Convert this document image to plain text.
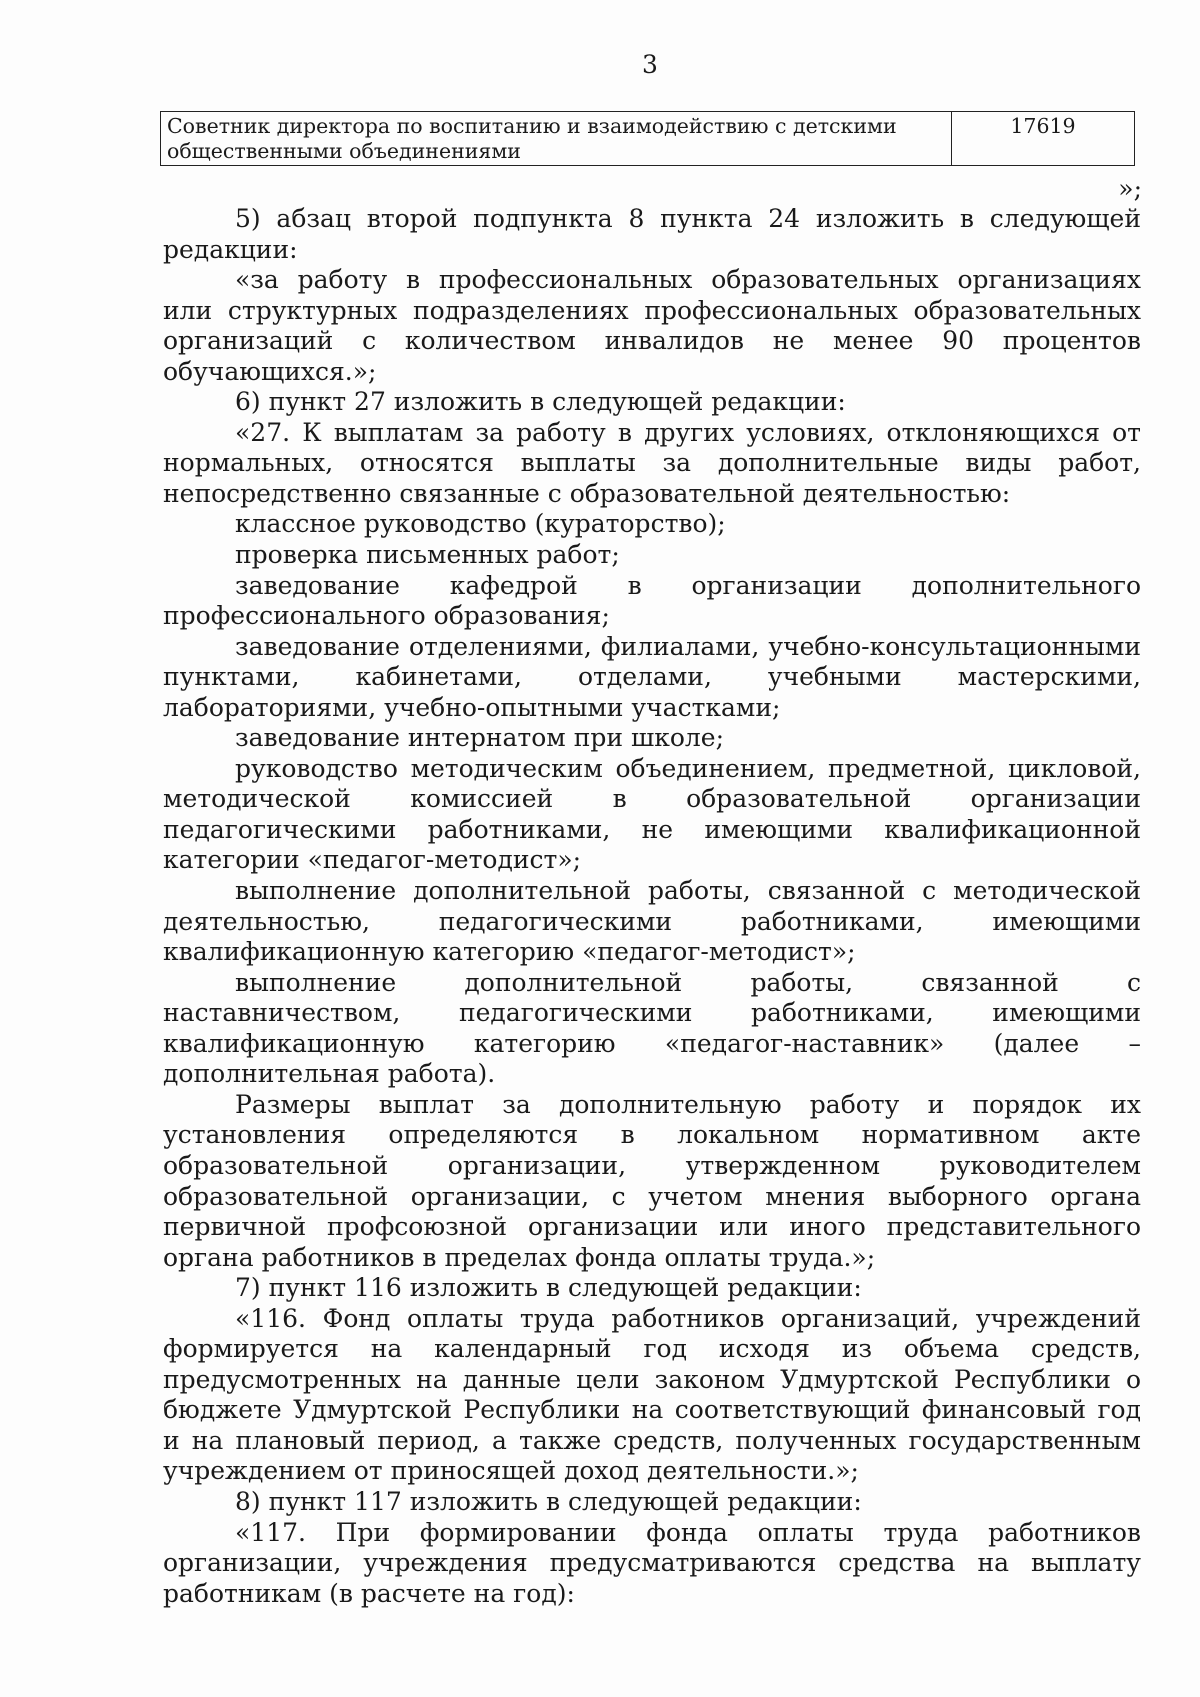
3
Советник директора по воспитанию и взаимодействию с детскими общественными объединениями	17619
»;

5) абзац второй подпункта 8 пункта 24 изложить в следующей редакции:

«за работу в профессиональных образовательных организациях или структурных подразделениях профессиональных образовательных организаций с количеством инвалидов не менее 90 процентов обучающихся.»;

6) пункт 27 изложить в следующей редакции:

«27. К выплатам за работу в других условиях, отклоняющихся от нормальных, относятся выплаты за дополнительные виды работ, непосредственно связанные с образовательной деятельностью:

классное руководство (кураторство);

проверка письменных работ;

заведование кафедрой в организации дополнительного профессионального образования;

заведование отделениями, филиалами, учебно-консультационными пунктами, кабинетами, отделами, учебными мастерскими, лабораториями, учебно-опытными участками;

заведование интернатом при школе;

руководство методическим объединением, предметной, цикловой, методической комиссией в образовательной организации педагогическими работниками, не имеющими квалификационной категории «педагог-методист»;

выполнение дополнительной работы, связанной с методической деятельностью, педагогическими работниками, имеющими квалификационную категорию «педагог-методист»;

выполнение дополнительной работы, связанной с наставничеством, педагогическими работниками, имеющими квалификационную категорию «педагог-наставник» (далее – дополнительная работа).

Размеры выплат за дополнительную работу и порядок их установления определяются в локальном нормативном акте образовательной организации, утвержденном руководителем образовательной организации, с учетом мнения выборного органа первичной профсоюзной организации или иного представительного органа работников в пределах фонда оплаты труда.»;

7) пункт 116 изложить в следующей редакции:

«116. Фонд оплаты труда работников организаций, учреждений формируется на календарный год исходя из объема средств, предусмотренных на данные цели законом Удмуртской Республики о бюджете Удмуртской Республики на соответствующий финансовый год и на плановый период, а также средств, полученных государственным учреждением от приносящей доход деятельности.»;

8) пункт 117 изложить в следующей редакции:

«117. При формировании фонда оплаты труда работников организации, учреждения предусматриваются средства на выплату работникам (в расчете на год):
